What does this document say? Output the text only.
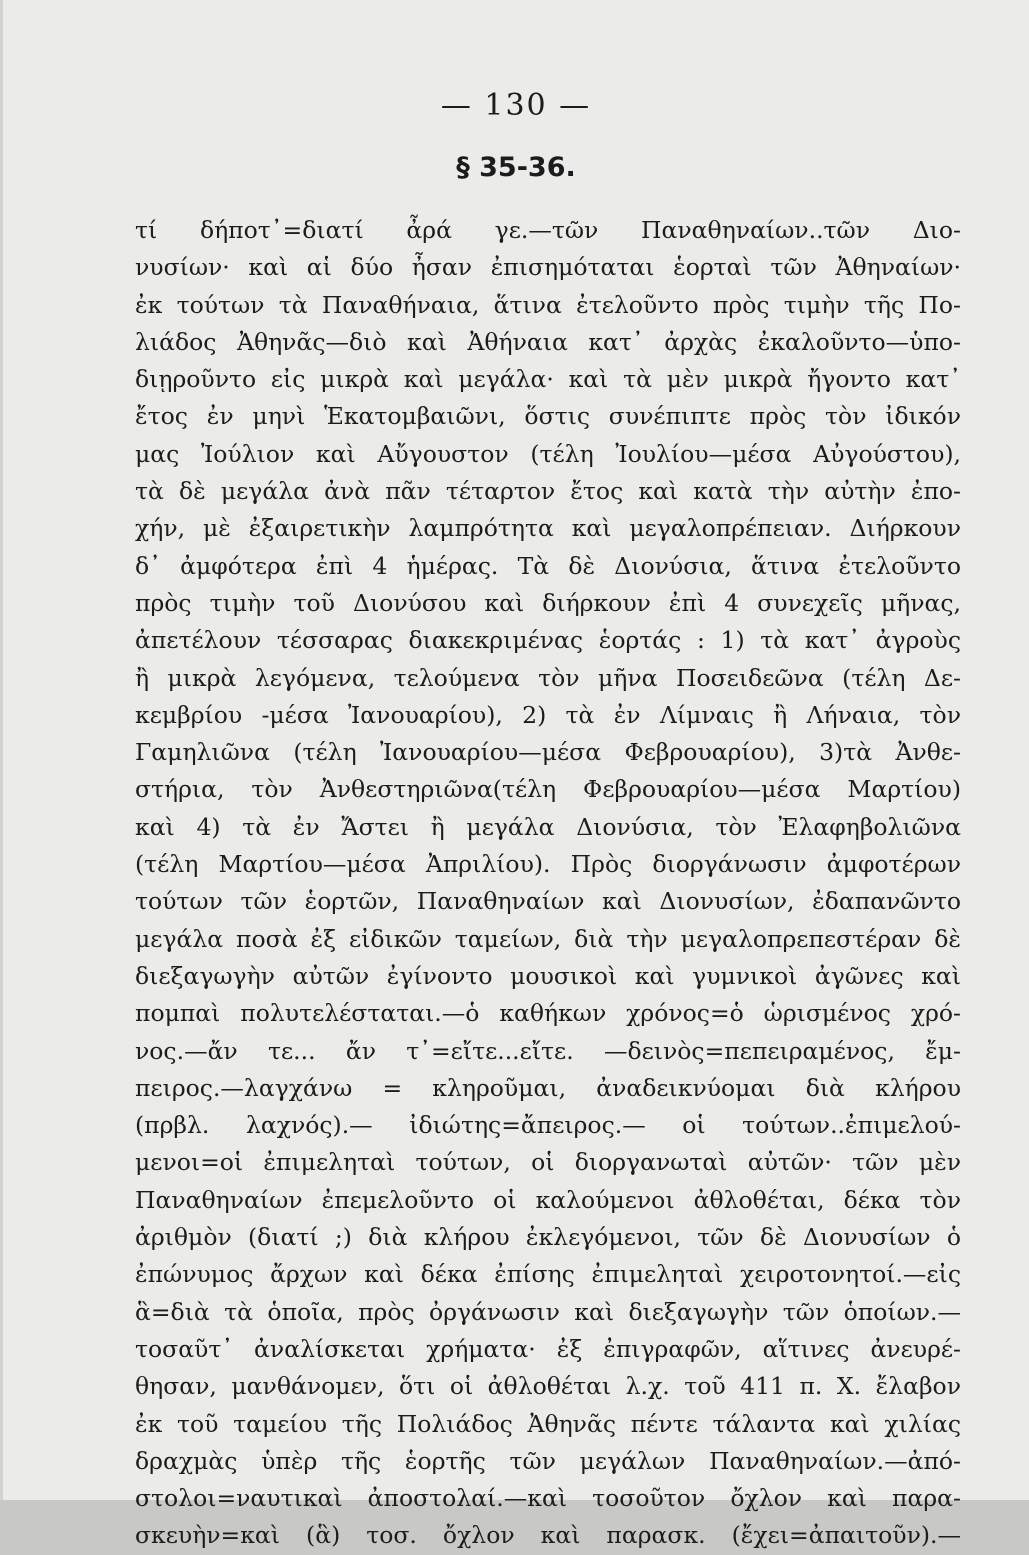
— 130 —
§ 35-36.
τί δήποτ᾽=διατί ἆρά γε.—τῶν Παναθηναίων..τῶν Διο-
νυσίων· καὶ αἱ δύο ἦσαν ἐπισημόταται ἑορταὶ τῶν Ἀθηναίων·
ἐκ τούτων τὰ Παναθήναια, ἅτινα ἐτελοῦντο πρὸς τιμὴν τῆς Πο-
λιάδος Ἀθηνᾶς—διὸ καὶ Ἀθήναια κατ᾽ ἀρχὰς ἐκαλοῦντο—ὑπο-
διῃροῦντο εἰς μικρὰ καὶ μεγάλα· καὶ τὰ μὲν μικρὰ ἤγοντο κατ᾽
ἔτος ἐν μηνὶ Ἑκατομβαιῶνι, ὅστις συνέπιπτε πρὸς τὸν ἰδικόν
μας Ἰούλιον καὶ Αὔγουστον (τέλη Ἰουλίου—μέσα Αὐγούστου),
τὰ δὲ μεγάλα ἀνὰ πᾶν τέταρτον ἔτος καὶ κατὰ τὴν αὐτὴν ἐπο-
χήν, μὲ ἐξαιρετικὴν λαμπρότητα καὶ μεγαλοπρέπειαν. Διήρκουν
δ᾽ ἀμφότερα ἐπὶ 4 ἡμέρας. Τὰ δὲ Διονύσια, ἅτινα ἐτελοῦντο
πρὸς τιμὴν τοῦ Διονύσου καὶ διήρκουν ἐπὶ 4 συνεχεῖς μῆνας,
ἀπετέλουν τέσσαρας διακεκριμένας ἑορτάς : 1) τὰ κατ᾽ ἀγροὺς
ἢ μικρὰ λεγόμενα, τελούμενα τὸν μῆνα Ποσειδεῶνα (τέλη Δε-
κεμβρίου -μέσα Ἰανουαρίου), 2) τὰ ἐν Λίμναις ἢ Λήναια, τὸν
Γαμηλιῶνα (τέλη Ἰανουαρίου—μέσα Φεβρουαρίου), 3)τὰ Ἀνθε-
στήρια, τὸν Ἀνθεστηριῶνα(τέλη Φεβρουαρίου—μέσα Μαρτίου)
καὶ 4) τὰ ἐν Ἄστει ἢ μεγάλα Διονύσια, τὸν Ἐλαφηβολιῶνα
(τέλη Μαρτίου—μέσα Ἀπριλίου). Πρὸς διοργάνωσιν ἀμφοτέρων
τούτων τῶν ἑορτῶν, Παναθηναίων καὶ Διονυσίων, ἐδαπανῶντο
μεγάλα ποσὰ ἐξ εἰδικῶν ταμείων, διὰ τὴν μεγαλοπρεπεστέραν δὲ
διεξαγωγὴν αὐτῶν ἐγίνοντο μουσικοὶ καὶ γυμνικοὶ ἀγῶνες καὶ
πομπαὶ πολυτελέσταται.—ὁ καθήκων χρόνος=ὁ ὡρισμένος χρό-
νος.—ἄν τε... ἄν τ᾽=εἴτε...εἴτε. —δεινὸς=πεπειραμένος, ἔμ-
πειρος.—λαγχάνω = κληροῦμαι, ἀναδεικνύομαι διὰ κλήρου
(πρβλ. λαχνός).— ἰδιώτης=ἄπειρος.— οἱ τούτων..ἐπιμελού-
μενοι=οἱ ἐπιμεληταὶ τούτων, οἱ διοργανωταὶ αὐτῶν· τῶν μὲν
Παναθηναίων ἐπεμελοῦντο οἱ καλούμενοι ἀθλοθέται, δέκα τὸν
ἀριθμὸν (διατί ;) διὰ κλήρου ἐκλεγόμενοι, τῶν δὲ Διονυσίων ὁ
ἐπώνυμος ἄρχων καὶ δέκα ἐπίσης ἐπιμεληταὶ χειροτονητοί.—εἰς
ἃ=διὰ τὰ ὁποῖα, πρὸς ὀργάνωσιν καὶ διεξαγωγὴν τῶν ὁποίων.—
τοσαῦτ᾽ ἀναλίσκεται χρήματα· ἐξ ἐπιγραφῶν, αἵτινες ἀνευρέ-
θησαν, μανθάνομεν, ὅτι οἱ ἀθλοθέται λ.χ. τοῦ 411 π. Χ. ἔλαβον
ἐκ τοῦ ταμείου τῆς Πολιάδος Ἀθηνᾶς πέντε τάλαντα καὶ χιλίας
δραχμὰς ὑπὲρ τῆς ἑορτῆς τῶν μεγάλων Παναθηναίων.—ἀπό-
στολοι=ναυτικαὶ ἀποστολαί.—καὶ τοσοῦτον ὄχλον καὶ παρα-
σκευὴν=καὶ (ἃ) τοσ. ὄχλον καὶ παρασκ. (ἔχει=ἀπαιτοῦν).—
